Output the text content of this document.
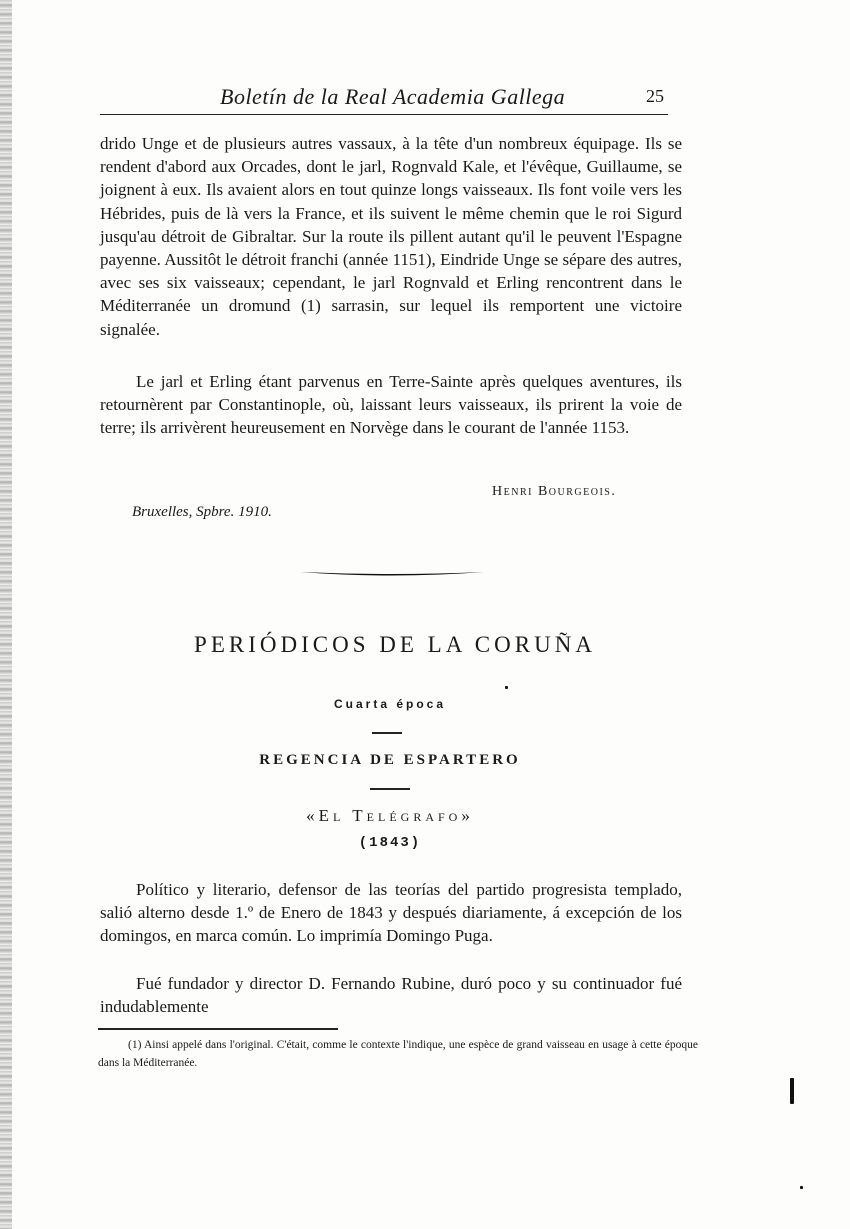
Boletín de la Real Academia Gallega	25
drido Unge et de plusieurs autres vassaux, à la tête d'un nombreux équipage. Ils se rendent d'abord aux Orcades, dont le jarl, Rognvald Kale, et l'évêque, Guillaume, se joignent à eux. Ils avaient alors en tout quinze longs vaisseaux. Ils font voile vers les Hébrides, puis de là vers la France, et ils suivent le même chemin que le roi Sigurd jusqu'au détroit de Gibraltar. Sur la route ils pillent autant qu'il le peuvent l'Espagne payenne. Aussitôt le détroit franchi (année 1151), Eindride Unge se sépare des autres, avec ses six vaisseaux; cependant, le jarl Rognvald et Erling rencontrent dans le Méditerranée un dromund (1) sarrasin, sur lequel ils remportent une victoire signalée.
Le jarl et Erling étant parvenus en Terre-Sainte après quelques aventures, ils retournèrent par Constantinople, où, laissant leurs vaisseaux, ils prirent la voie de terre; ils arrivèrent heureusement en Norvège dans le courant de l'année 1153.
Henri Bourgeois.
Bruxelles, Spbre. 1910.
PERIÓDICOS DE LA CORUÑA
Cuarta época
REGENCIA DE ESPARTERO
«El Telégrafo»
(1843)
Político y literario, defensor de las teorías del partido progresista templado, salió alterno desde 1.º de Enero de 1843 y después diariamente, á excepción de los domingos, en marca común. Lo imprimía Domingo Puga.
Fué fundador y director D. Fernando Rubine, duró poco y su continuador fué indudablemente
(1) Ainsi appelé dans l'original. C'était, comme le contexte l'indique, une espèce de grand vaisseau en usage à cette époque dans la Méditerranée.
